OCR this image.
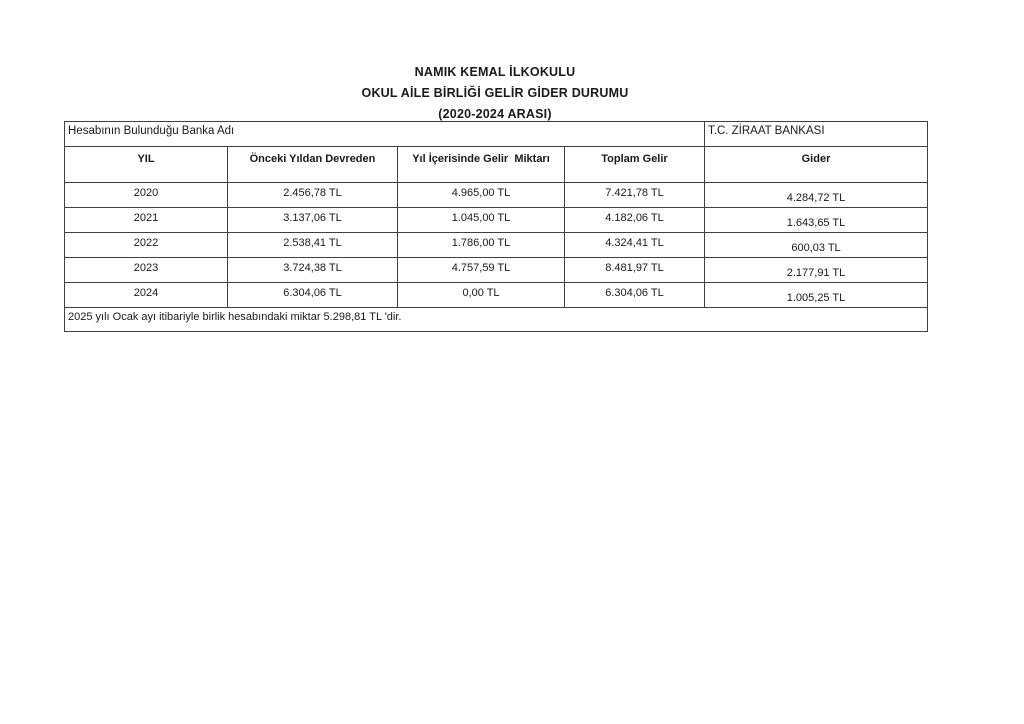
NAMIK KEMAL İLKOKULU
OKUL AİLE BİRLİĞİ GELİR GİDER DURUMU
(2020-2024 ARASI)
Hesabının Bulunduğu Banka Adı				T.C. ZİRAAT BANKASI
YIL	Önceki Yıldan Devreden	Yıl İçerisinde Gelir  Miktarı	Toplam Gelir	Gider
2020	2.456,78 TL	4.965,00 TL	7.421,78 TL	4.284,72 TL
2021	3.137,06 TL	1.045,00 TL	4.182,06 TL	1.643,65 TL
2022	2.538,41 TL	1.786,00 TL	4.324,41 TL	600,03 TL
2023	3.724,38 TL	4.757,59 TL	8.481,97 TL	2.177,91 TL
2024	6.304,06 TL	0,00 TL	6.304,06 TL	1.005,25 TL
2025 yılı Ocak ayı itibariyle birlik hesabındaki miktar 5.298,81 TL 'dir.				
